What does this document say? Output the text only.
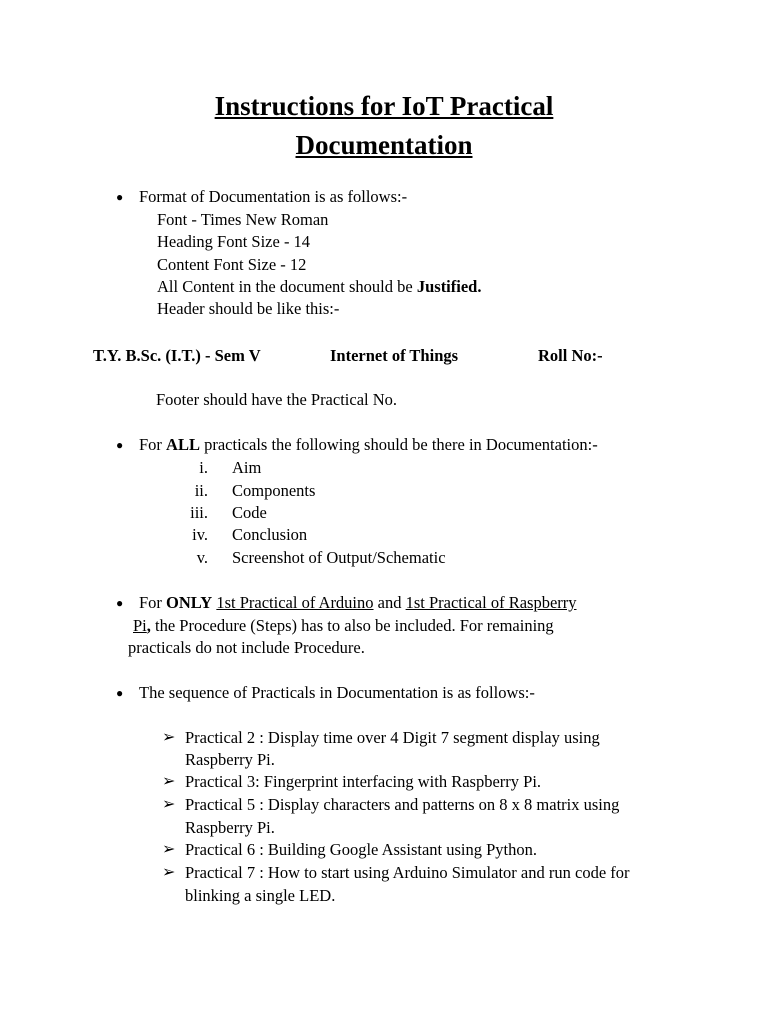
Instructions for IoT Practical
Documentation
● Format of Documentation is as follows:-
Font - Times New Roman
Heading Font Size - 14
Content Font Size - 12
All Content in the document should be Justified.
Header should be like this:-
T.Y. B.Sc. (I.T.) - Sem V	Internet of Things	Roll No:-
Footer should have the Practical No.
● For ALL practicals the following should be there in Documentation:-
i. Aim
ii. Components
iii. Code
iv. Conclusion
v. Screenshot of Output/Schematic
● For ONLY 1st Practical of Arduino and 1st Practical of Raspberry
Pi, the Procedure (Steps) has to also be included. For remaining
practicals do not include Procedure.
● The sequence of Practicals in Documentation is as follows:-
➢ Practical 2 : Display time over 4 Digit 7 segment display using
Raspberry Pi.
➢ Practical 3: Fingerprint interfacing with Raspberry Pi.
➢ Practical 5 : Display characters and patterns on 8 x 8 matrix using
Raspberry Pi.
➢ Practical 6 : Building Google Assistant using Python.
➢ Practical 7 : How to start using Arduino Simulator and run code for
blinking a single LED.
